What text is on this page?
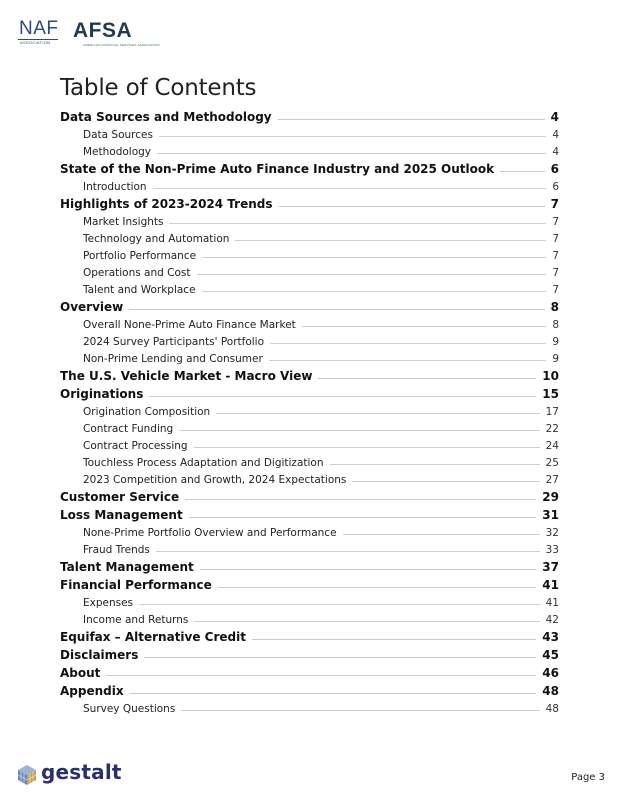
NAF
ASSOCIATION
AFSA
AMERICAN FINANCIAL SERVICES ASSOCIATION
Table of Contents
Data Sources and Methodology	4
Data Sources	4
Methodology	4
State of the Non-Prime Auto Finance Industry and 2025 Outlook	6
Introduction	6
Highlights of 2023-2024 Trends	7
Market Insights	7
Technology and Automation	7
Portfolio Performance	7
Operations and Cost	7
Talent and Workplace	7
Overview	8
Overall None-Prime Auto Finance Market	8
2024 Survey Participants' Portfolio	9
Non-Prime Lending and Consumer	9
The U.S. Vehicle Market - Macro View	10
Originations	15
Origination Composition	17
Contract Funding	22
Contract Processing	24
Touchless Process Adaptation and Digitization	25
2023 Competition and Growth, 2024 Expectations	27
Customer Service	29
Loss Management	31
None-Prime Portfolio Overview and Performance	32
Fraud Trends	33
Talent Management	37
Financial Performance	41
Expenses	41
Income and Returns	42
Equifax – Alternative Credit	43
Disclaimers	45
About	46
Appendix	48
Survey Questions	48
gestalt	Page 3
